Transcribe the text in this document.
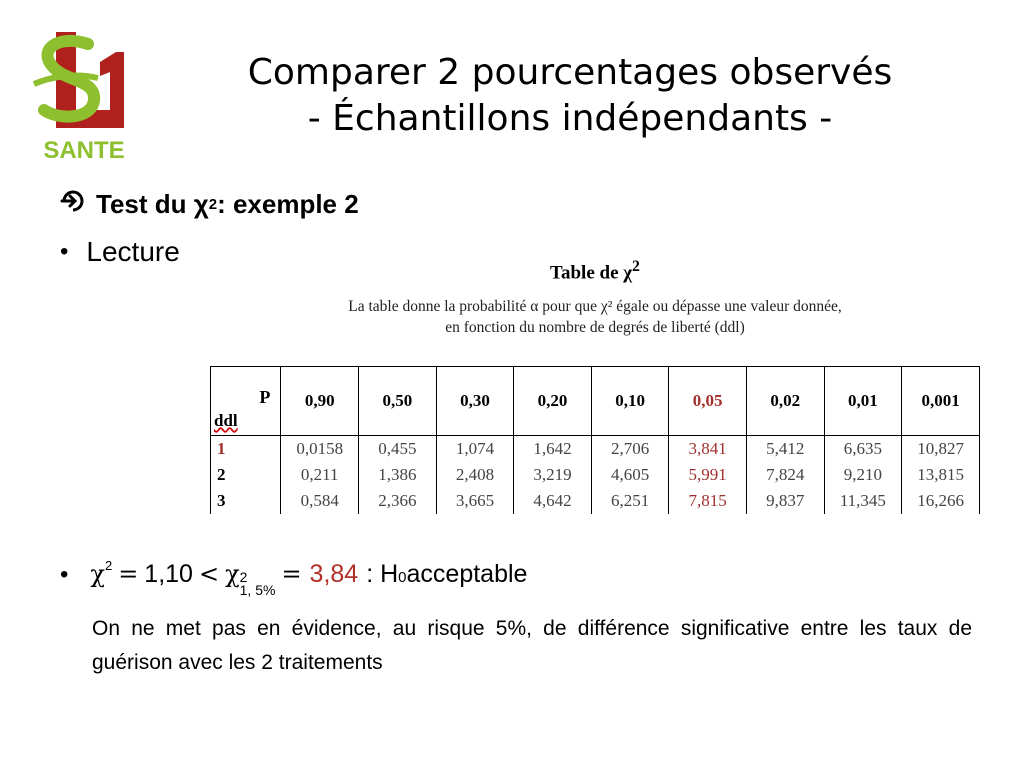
SANTE
Comparer 2 pourcentages observés
- Échantillons indépendants -
Test du χ 2 : exemple 2
• Lecture
Table de $\chi^2$
La table donne la probabilité α pour que χ² égale ou dépasse une valeur donnée,
en fonction du nombre de degrés de liberté (ddl)
P
ddl	0,90	0,50	0,30	0,20	0,10	0,05	0,02	0,01	0,001
1	0,0158	0,455	1,074	1,642	2,706	3,841	5,412	6,635	10,827
2	0,211	1,386	2,408	3,219	4,605	5,991	7,824	9,210	13,815
3	0,584	2,366	3,665	4,642	6,251	7,815	9,837	11,345	16,266
• χ 2 = 1,10 < χ 2
1, 5%
= 3,84 : H 0 acceptable
On ne met pas en évidence, au risque 5%, de différence significative entre les taux de guérison avec les 2 traitements
